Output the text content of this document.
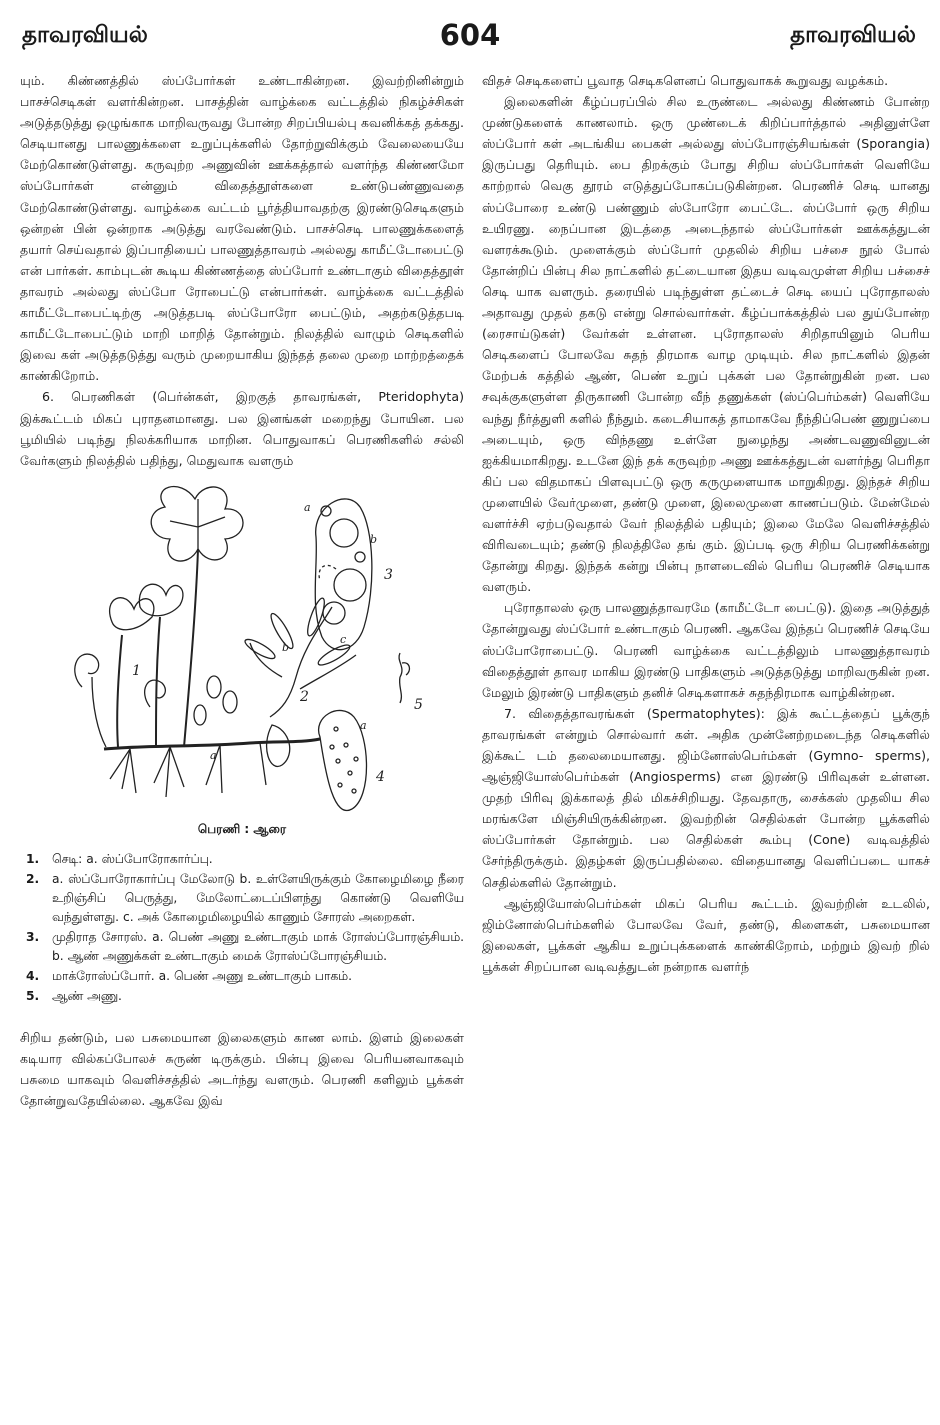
தாவரவியல்	604	தாவரவியல்

யும். கிண்ணத்தில் ஸ்ப்போர்கள் உண்டாகின்றன. இவற்றினின்றும் பாசச்செடிகள் வளர்கின்றன. பாசத்தின் வாழ்க்கை வட்டத்தில் நிகழ்ச்சிகள் அடுத்தடுத்து ஒழுங்காக மாறிவருவது போன்ற சிறப்பியல்பு கவனிக்கத் தக்கது. செடியானது பாலணுக்களை உறுப்புக்களில் தோற்றுவிக்கும் வேலையையே மேற்கொண்டுள்ளது. கருவுற்ற அணுவின் ஊக்கத்தால் வளர்ந்த கிண்ணமோ ஸ்ப்போர்கள் என்னும் விதைத்தூள்களை உண்டுபண்ணுவதை மேற்கொண்டுள்ளது. வாழ்க்கை வட்டம் பூர்த்தியாவதற்கு இரண்டுசெடிகளும் ஒன்றன் பின் ஒன்றாக அடுத்து வரவேண்டும். பாசச்செடி பாலணுக்களைத் தயார் செய்வதால் இப்பாதியைப் பாலணுத்தாவரம் அல்லது காமீட்டோபைட்டு என் பார்கள். காம்புடன் கூடிய கிண்ணத்தை ஸ்ப்போர் உண்டாகும் விதைத்தூள் தாவரம் அல்லது ஸ்ப்போ ரோபைட்டு என்பார்கள். வாழ்க்கை வட்டத்தில் காமீட்டோபைட்டிற்கு அடுத்தபடி ஸ்ப்போரோ பைட்டும், அதற்கடுத்தபடி காமீட்டோபைட்டும் மாறி மாறித் தோன்றும். நிலத்தில் வாழும் செடிகளில் இவை கள் அடுத்தடுத்து வரும் முறையாகிய இந்தத் தலை முறை மாற்றத்தைக் காண்கிறோம்.

6. பெரணிகள் (பெர்ன்கள், இறகுத் தாவரங்கள், Pteridophyta) இக்கூட்டம் மிகப் புராதனமானது. பல இனங்கள் மறைந்து போயின. பல பூமியில் படிந்து நிலக்கரியாக மாறின. பொதுவாகப் பெரணிகளில் சல்லி வேர்களும் நிலத்தில் பதிந்து, மெதுவாக வளரும்

1
2
3
4
5
a
b
c
a
b
a
பெரணி : ஆரை
1.	செடி: a. ஸ்ப்போரோகார்ப்பு.
2.	a. ஸ்ப்போரோகார்ப்பு மேலோடு b. உள்ளேயிருக்கும் கோழைமிழை நீரை உறிஞ்சிப் பெருத்து, மேலோட்டைப்பிளந்து கொண்டு வெளியே வந்துள்ளது. c. அக் கோழைமிழையில் காணும் சோரஸ் அறைகள்.
3.	முதிராத சோரஸ். a. பெண் அணு உண்டாகும் மாக் ரோஸ்ப்போரஞ்சியம். b. ஆண் அணுக்கள் உண்டாகும் மைக் ரோஸ்ப்போரஞ்சியம்.
4.	மாக்ரோஸ்ப்போர். a. பெண் அணு உண்டாகும் பாகம்.
5.	ஆண் அணு.

சிறிய தண்டும், பல பசுமையான இலைகளும் காண லாம். இளம் இலைகள் கடியார வில்கப்போலச் சுருண் டிருக்கும். பின்பு இவை பெரியனவாகவும் பசுமை யாகவும் வெளிச்சத்தில் அடர்ந்து வளரும். பெரணி களிலும் பூக்கள் தோன்றுவதேயில்லை. ஆகவே இவ்

விதச் செடிகளைப் பூவாத செடிகளெனப் பொதுவாகக் கூறுவது வழக்கம்.

இலைகளின் கீழ்ப்பரப்பில் சில உருண்டை அல்லது கிண்ணம் போன்ற முண்டுகளைக் காணலாம். ஒரு முண்டைக் கிறிப்பார்த்தால் அதினுள்ளே ஸ்ப்போர் கள் அடங்கிய பைகள் அல்லது ஸ்ப்போரஞ்சியங்கள் (Sporangia) இருப்பது தெரியும். பை திறக்கும் போது சிறிய ஸ்ப்போர்கள் வெளியே காற்றால் வெகு தூரம் எடுத்துப்போகப்படுகின்றன. பெரணிச் செடி யானது ஸ்ப்போரை உண்டு பண்ணும் ஸ்போரோ பைட்டே. ஸ்ப்போர் ஒரு சிறிய உயிரணு. நைப்பான இடத்தை அடைந்தால் ஸ்ப்போர்கள் ஊக்கத்துடன் வளரக்கூடும். முளைக்கும் ஸ்ப்போர் முதலில் சிறிய பச்சை நூல் போல் தோன்றிப் பின்பு சில நாட்களில் தட்டையான இதய வடிவமுள்ள சிறிய பச்சைச் செடி யாக வளரும். தரையில் படிந்துள்ள தட்டைச் செடி யைப் புரோதாலஸ் அதாவது முதல் தகடு என்று சொல்வார்கள். கீழ்ப்பாக்கத்தில் பல துய்போன்ற (ரைசாய்டுகள்) வேர்கள் உள்ளன. புரோதாலஸ் சிறிதாயினும் பெரிய செடிகளைப் போலவே சுதந் திரமாக வாழ முடியும். சில நாட்களில் இதன் மேற்பக் கத்தில் ஆண், பெண் உறுப் புக்கள் பல தோன்றுகின் றன. பல சவுக்குகளுள்ள திருகாணி போன்ற வீந் தணுக்கள் (ஸ்ப்பெர்ம்கள்) வெளியே வந்து நீர்த்துளி களில் நீந்தும். கடைசியாகத் தாமாகவே நீந்திப்பெண் ணுறுப்பை அடையும், ஒரு விந்தணு உள்ளே நுழைந்து அண்டவணுவினுடன் ஐக்கியமாகிறது. உடனே இந் தக் கருவுற்ற அணு ஊக்கத்துடன் வளர்ந்து பெரிதா கிப் பல விதமாகப் பிளவுபட்டு ஒரு கருமுளையாக மாறுகிறது. இந்தச் சிறிய முளையில் வேர்முளை, தண்டு முளை, இலைமுளை காணப்படும். மேன்மேல் வளர்ச்சி ஏற்படுவதால் வேர் நிலத்தில் பதியும்; இலை மேலே வெளிச்சத்தில் விரிவடையும்; தண்டு நிலத்திலே தங் கும். இப்படி ஒரு சிறிய பெரணிக்கன்று தோன்று கிறது. இந்தக் கன்று பின்பு நாளடைவில் பெரிய பெரணிச் செடியாக வளரும்.

புரோதாலஸ் ஒரு பாலணுத்தாவரமே (காமீட்டோ பைட்டு). இதை அடுத்துத் தோன்றுவது ஸ்ப்போர் உண்டாகும் பெரணி. ஆகவே இந்தப் பெரணிச் செடியே ஸ்ப்போரோபைட்டு. பெரணி வாழ்க்கை வட்டத்திலும் பாலணுத்தாவரம் விதைத்தூள் தாவர மாகிய இரண்டு பாதிகளும் அடுத்தடுத்து மாறிவருகின் றன. மேலும் இரண்டு பாதிகளும் தனிச் செடிகளாகச் சுதந்திரமாக வாழ்கின்றன.

7. விதைத்தாவரங்கள் (Spermatophytes): இக் கூட்டத்தைப் பூக்குந் தாவரங்கள் என்றும் சொல்வார் கள். அதிக முன்னேற்றமடைந்த செடிகளில் இக்கூட் டம் தலைமையானது. ஜிம்னோஸ்பெர்ம்கள் (Gymno- sperms), ஆஞ்ஜியோஸ்பெர்ம்கள் (Angiosperms) என இரண்டு பிரிவுகள் உள்ளன. முதற் பிரிவு இக்காலத் தில் மிகச்சிறியது. தேவதாரு, சைக்கஸ் முதலிய சில மரங்களே மிஞ்சியிருக்கின்றன. இவற்றின் செதில்கள் போன்ற பூக்களில் ஸ்ப்போர்கள் தோன்றும். பல செதில்கள் கூம்பு (Cone) வடிவத்தில் சேர்ந்திருக்கும். இதழ்கள் இருப்பதில்லை. விதையானது வெளிப்படை யாகச் செதில்களில் தோன்றும்.

ஆஞ்ஜியோஸ்பெர்ம்கள் மிகப் பெரிய கூட்டம். இவற்றின் உடலில், ஜிம்னோஸ்பெர்ம்களில் போலவே வேர், தண்டு, கிளைகள், பசுமையான இலைகள், பூக்கள் ஆகிய உறுப்புக்களைக் காண்கிறோம், மற்றும் இவற் றில் பூக்கள் சிறப்பான வடிவத்துடன் நன்றாக வளர்ந்
